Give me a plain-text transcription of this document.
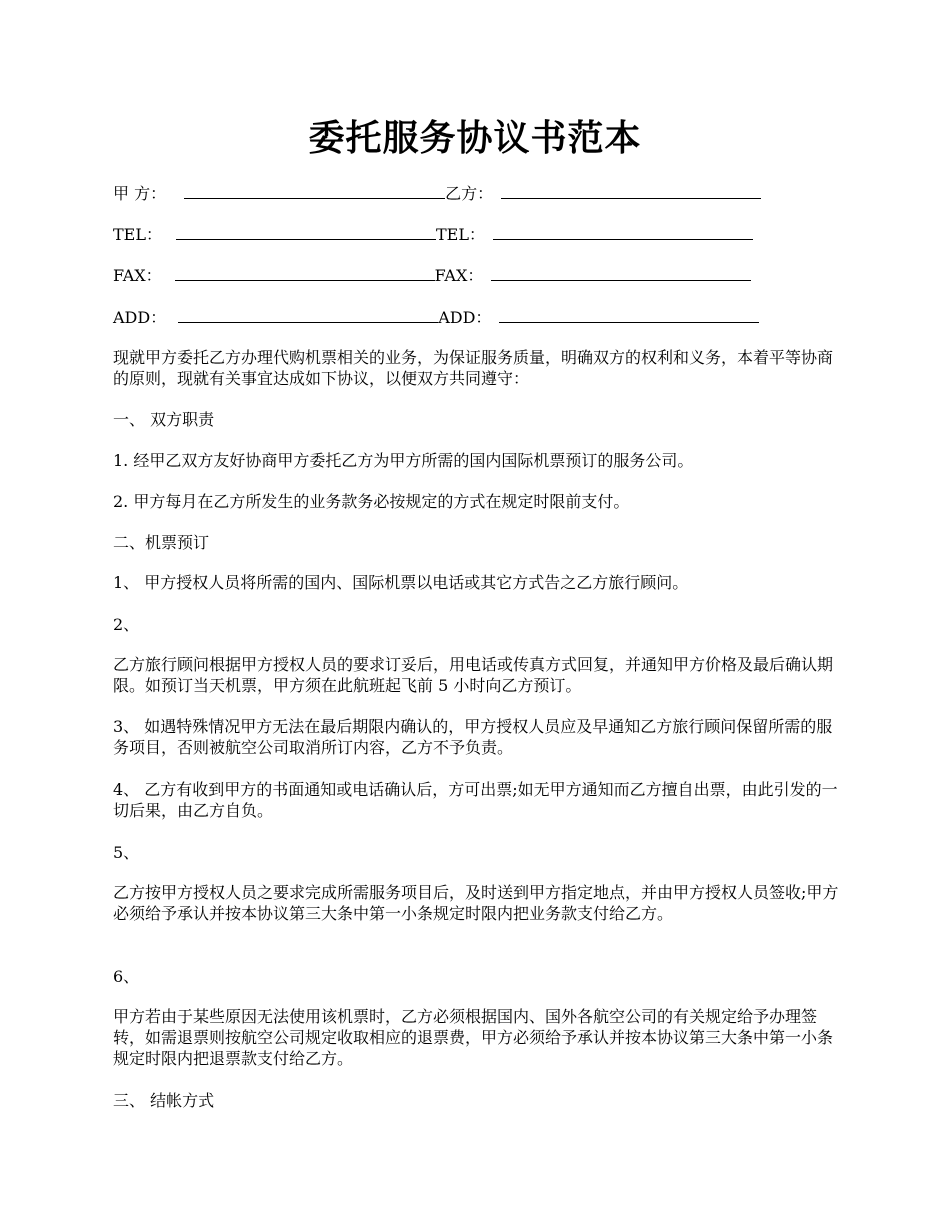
委托服务协议书范本
甲 方：	乙方：
TEL：	TEL：
FAX：	FAX：
ADD：	ADD：
现就甲方委托乙方办理代购机票相关的业务，为保证服务质量，明确双方的权利和义务，本着平等协商的原则，现就有关事宜达成如下协议，以便双方共同遵守：
一、 双方职责
1. 经甲乙双方友好协商甲方委托乙方为甲方所需的国内国际机票预订的服务公司。
2. 甲方每月在乙方所发生的业务款务必按规定的方式在规定时限前支付。
二、机票预订
1、 甲方授权人员将所需的国内、国际机票以电话或其它方式告之乙方旅行顾问。
2、
乙方旅行顾问根据甲方授权人员的要求订妥后，用电话或传真方式回复，并通知甲方价格及最后确认期限。如预订当天机票，甲方须在此航班起飞前 5 小时向乙方预订。
3、 如遇特殊情况甲方无法在最后期限内确认的，甲方授权人员应及早通知乙方旅行顾问保留所需的服务项目，否则被航空公司取消所订内容，乙方不予负责。
4、 乙方有收到甲方的书面通知或电话确认后，方可出票;如无甲方通知而乙方擅自出票，由此引发的一切后果，由乙方自负。
5、
乙方按甲方授权人员之要求完成所需服务项目后，及时送到甲方指定地点，并由甲方授权人员签收;甲方必须给予承认并按本协议第三大条中第一小条规定时限内把业务款支付给乙方。
6、
甲方若由于某些原因无法使用该机票时，乙方必须根据国内、国外各航空公司的有关规定给予办理签转，如需退票则按航空公司规定收取相应的退票费，甲方必须给予承认并按本协议第三大条中第一小条规定时限内把退票款支付给乙方。
三、 结帐方式
